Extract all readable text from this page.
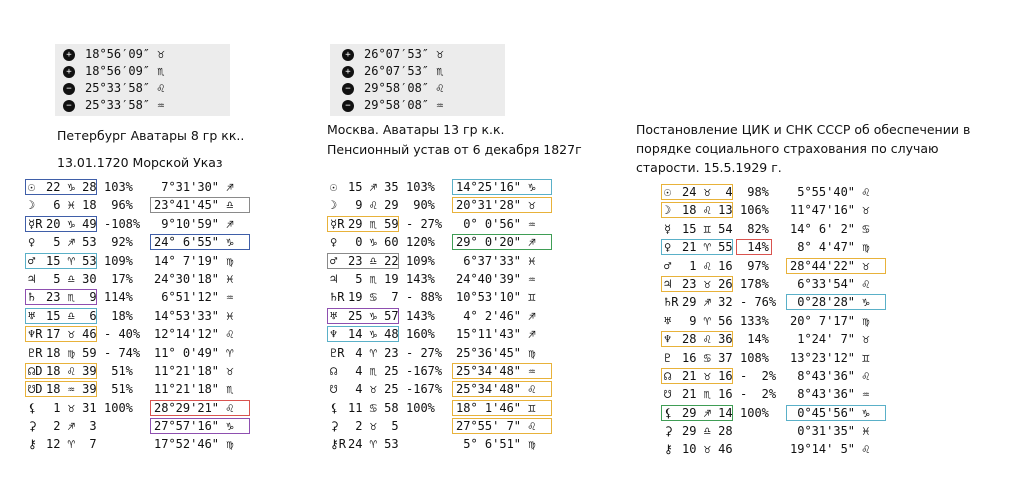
+ 18°56′09″ ♉
+ 18°56′09″ ♏
− 25°33′58″ ♌
− 25°33′58″ ♒
Петербург Аватары 8 гр кк..
13.01.1720 Морской Указ
☉ 22 ♑ 28 103% 7°31'30" ♐
☽ 6 ♓ 18 96% 23°41'45" ♎
☿R 20 ♑ 49 -108% 9°10'59" ♐
♀ 5 ♐ 53 92% 24° 6'55" ♑
♂ 15 ♈ 53 109% 14° 7'19" ♍
♃ 5 ♎ 30 17% 24°30'18" ♓
♄ 23 ♏  9 114% 6°51'12" ♒
♅ 15 ♎  6 18% 14°53'33" ♓
♆R 17 ♉ 46 - 40% 12°14'12" ♌
♇R 18 ♍ 59 - 74% 11° 0'49" ♈
☊D 18 ♌ 39 51% 11°21'18" ♉
☋D 18 ♒ 39 51% 11°21'18" ♏
⚸ 1 ♉ 31 100% 28°29'21" ♌
⚳ 2 ♐  3	27°57'16" ♑
⚷ 12 ♈  7	17°52'46" ♍
+ 26°07′53″ ♉
+ 26°07′53″ ♏
− 29°58′08″ ♌
− 29°58′08″ ♒
Москва. Аватары 13 гр к.к.
Пенсионный устав от 6 декабря 1827г
☉ 15 ♐ 35 103% 14°25'16" ♑
☽ 9 ♌ 29 90% 20°31'28" ♉
☿R 29 ♏ 59 - 27% 0° 0'56" ♒
♀ 0 ♑ 60 120% 29° 0'20" ♐
♂ 23 ♎ 22 109% 6°37'33" ♓
♃ 5 ♏ 19 143% 24°40'39" ♒
♄R 19 ♋  7 - 88% 10°53'10" ♊
♅ 25 ♑ 57 143% 4° 2'46" ♐
♆ 14 ♑ 48 160% 15°11'43" ♐
♇R 4 ♈ 23 - 27% 25°36'45" ♍
☊ 4 ♏ 25 -167% 25°34'48" ♒
☋ 4 ♉ 25 -167% 25°34'48" ♌
⚸ 11 ♋ 58 100% 18° 1'46" ♊
⚳ 2 ♉  5	27°55' 7" ♌
⚷R 24 ♈ 53	5° 6'51" ♍
Постановление ЦИК и СНК СССР об обеспечении в
порядке социального страхования по случаю
старости. 15.5.1929 г.
☉ 24 ♉  4 98% 5°55'40" ♌
☽ 18 ♌ 13 106% 11°47'16" ♉
☿ 15 ♊ 54 82% 14° 6' 2" ♋
♀ 21 ♈ 55 14% 8° 4'47" ♍
♂ 1 ♌ 16 97% 28°44'22" ♉
♃ 23 ♉ 26 178% 6°33'54" ♌
♄R 29 ♐ 32 - 76% 0°28'28" ♑
♅ 9 ♈ 56 133% 20° 7'17" ♍
♆ 28 ♌ 36 14% 1°24' 7" ♉
♇ 16 ♋ 37 108% 13°23'12" ♊
☊ 21 ♉ 16 -  2% 8°43'36" ♌
☋ 21 ♏ 16 -  2% 8°43'36" ♒
⚸ 29 ♐ 14 100% 0°45'56" ♑
⚳ 29 ♎ 28	0°31'35" ♓
⚷ 10 ♉ 46	19°14' 5" ♌
